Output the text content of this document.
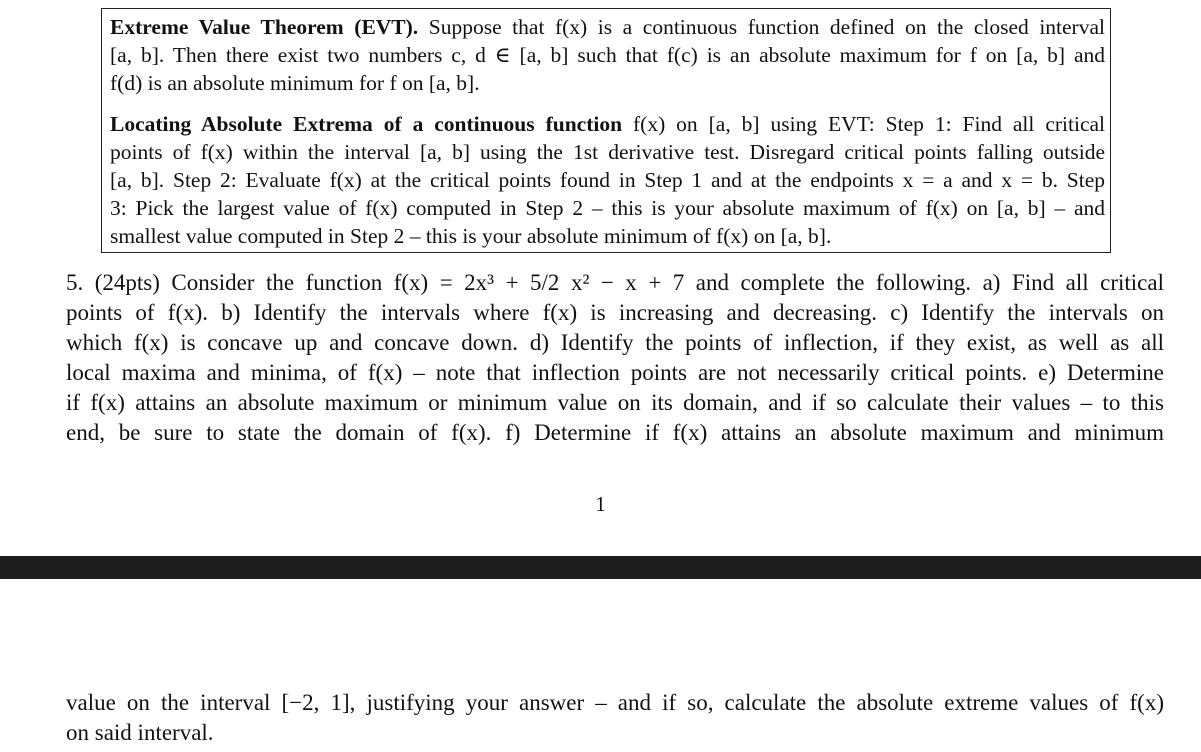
Extreme Value Theorem (EVT). Suppose that f(x) is a continuous function defined on the closed interval
[a, b]. Then there exist two numbers c, d ∈ [a, b] such that f(c) is an absolute maximum for f on [a, b] and
f(d) is an absolute minimum for f on [a, b].
Locating Absolute Extrema of a continuous function f(x) on [a, b] using EVT: Step 1: Find all critical
points of f(x) within the interval [a, b] using the 1st derivative test. Disregard critical points falling outside
[a, b]. Step 2: Evaluate f(x) at the critical points found in Step 1 and at the endpoints x = a and x = b. Step
3: Pick the largest value of f(x) computed in Step 2 – this is your absolute maximum of f(x) on [a, b] – and
smallest value computed in Step 2 – this is your absolute minimum of f(x) on [a, b].
5. (24pts) Consider the function f(x) = 2x³ + 5/2 x² − x + 7 and complete the following. a) Find all critical
points of f(x). b) Identify the intervals where f(x) is increasing and decreasing. c) Identify the intervals on
which f(x) is concave up and concave down. d) Identify the points of inflection, if they exist, as well as all
local maxima and minima, of f(x) – note that inflection points are not necessarily critical points. e) Determine
if f(x) attains an absolute maximum or minimum value on its domain, and if so calculate their values – to this
end, be sure to state the domain of f(x). f) Determine if f(x) attains an absolute maximum and minimum
1
value on the interval [−2, 1], justifying your answer – and if so, calculate the absolute extreme values of f(x)
on said interval.
